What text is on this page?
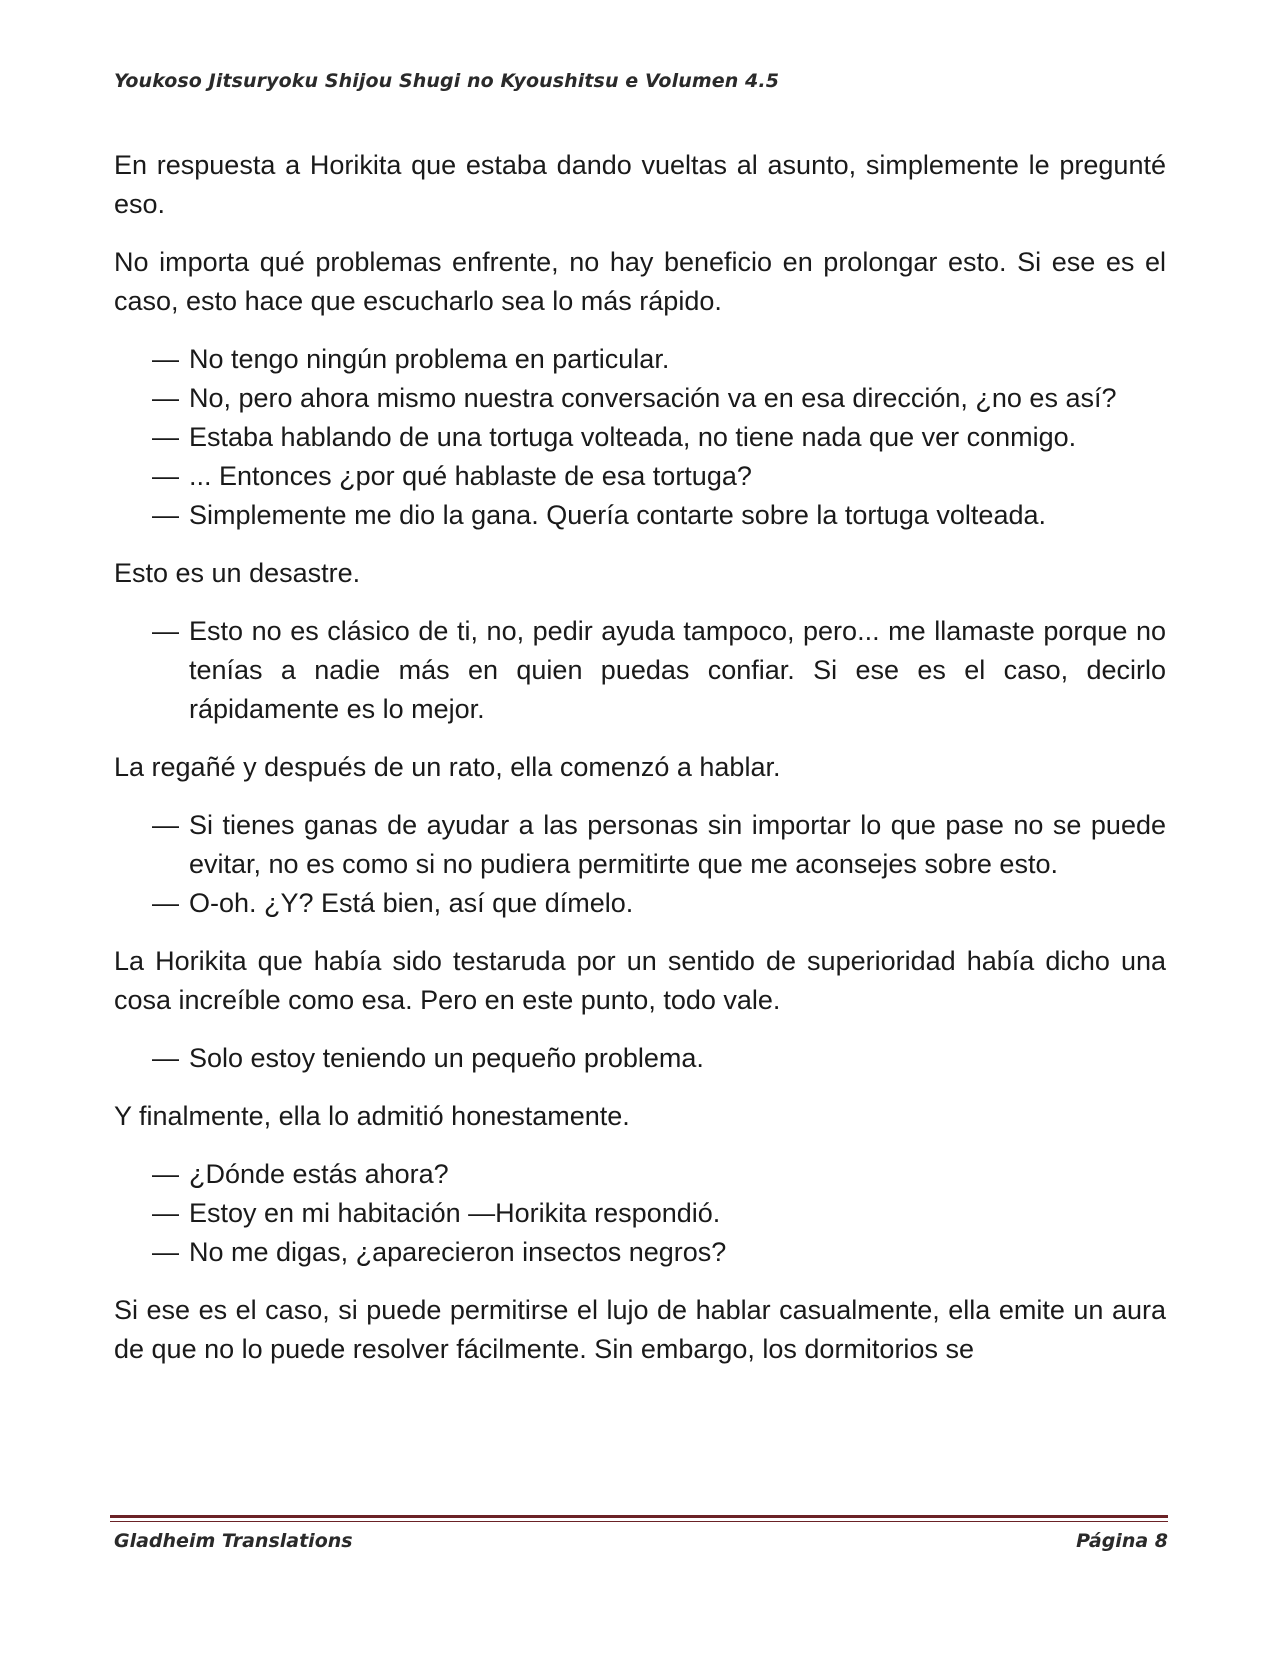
Youkoso Jitsuryoku Shijou Shugi no Kyoushitsu e Volumen 4.5

En respuesta a Horikita que estaba dando vueltas al asunto, simplemente le pregunté eso.

No importa qué problemas enfrente, no hay beneficio en prolongar esto. Si ese es el caso, esto hace que escucharlo sea lo más rápido.

— No tengo ningún problema en particular.
— No, pero ahora mismo nuestra conversación va en esa dirección, ¿no es así?
— Estaba hablando de una tortuga volteada, no tiene nada que ver conmigo.
— ... Entonces ¿por qué hablaste de esa tortuga?
— Simplemente me dio la gana. Quería contarte sobre la tortuga volteada.

Esto es un desastre.

— Esto no es clásico de ti, no, pedir ayuda tampoco, pero... me llamaste porque no tenías a nadie más en quien puedas confiar. Si ese es el caso, decirlo rápidamente es lo mejor.

La regañé y después de un rato, ella comenzó a hablar.

— Si tienes ganas de ayudar a las personas sin importar lo que pase no se puede evitar, no es como si no pudiera permitirte que me aconsejes sobre esto.
— O-oh. ¿Y? Está bien, así que dímelo.

La Horikita que había sido testaruda por un sentido de superioridad había dicho una cosa increíble como esa. Pero en este punto, todo vale.

— Solo estoy teniendo un pequeño problema.

Y finalmente, ella lo admitió honestamente.

— ¿Dónde estás ahora?
— Estoy en mi habitación —Horikita respondió.
— No me digas, ¿aparecieron insectos negros?

Si ese es el caso, si puede permitirse el lujo de hablar casualmente, ella emite un aura de que no lo puede resolver fácilmente. Sin embargo, los dormitorios se

Gladheim Translations	Página 8
